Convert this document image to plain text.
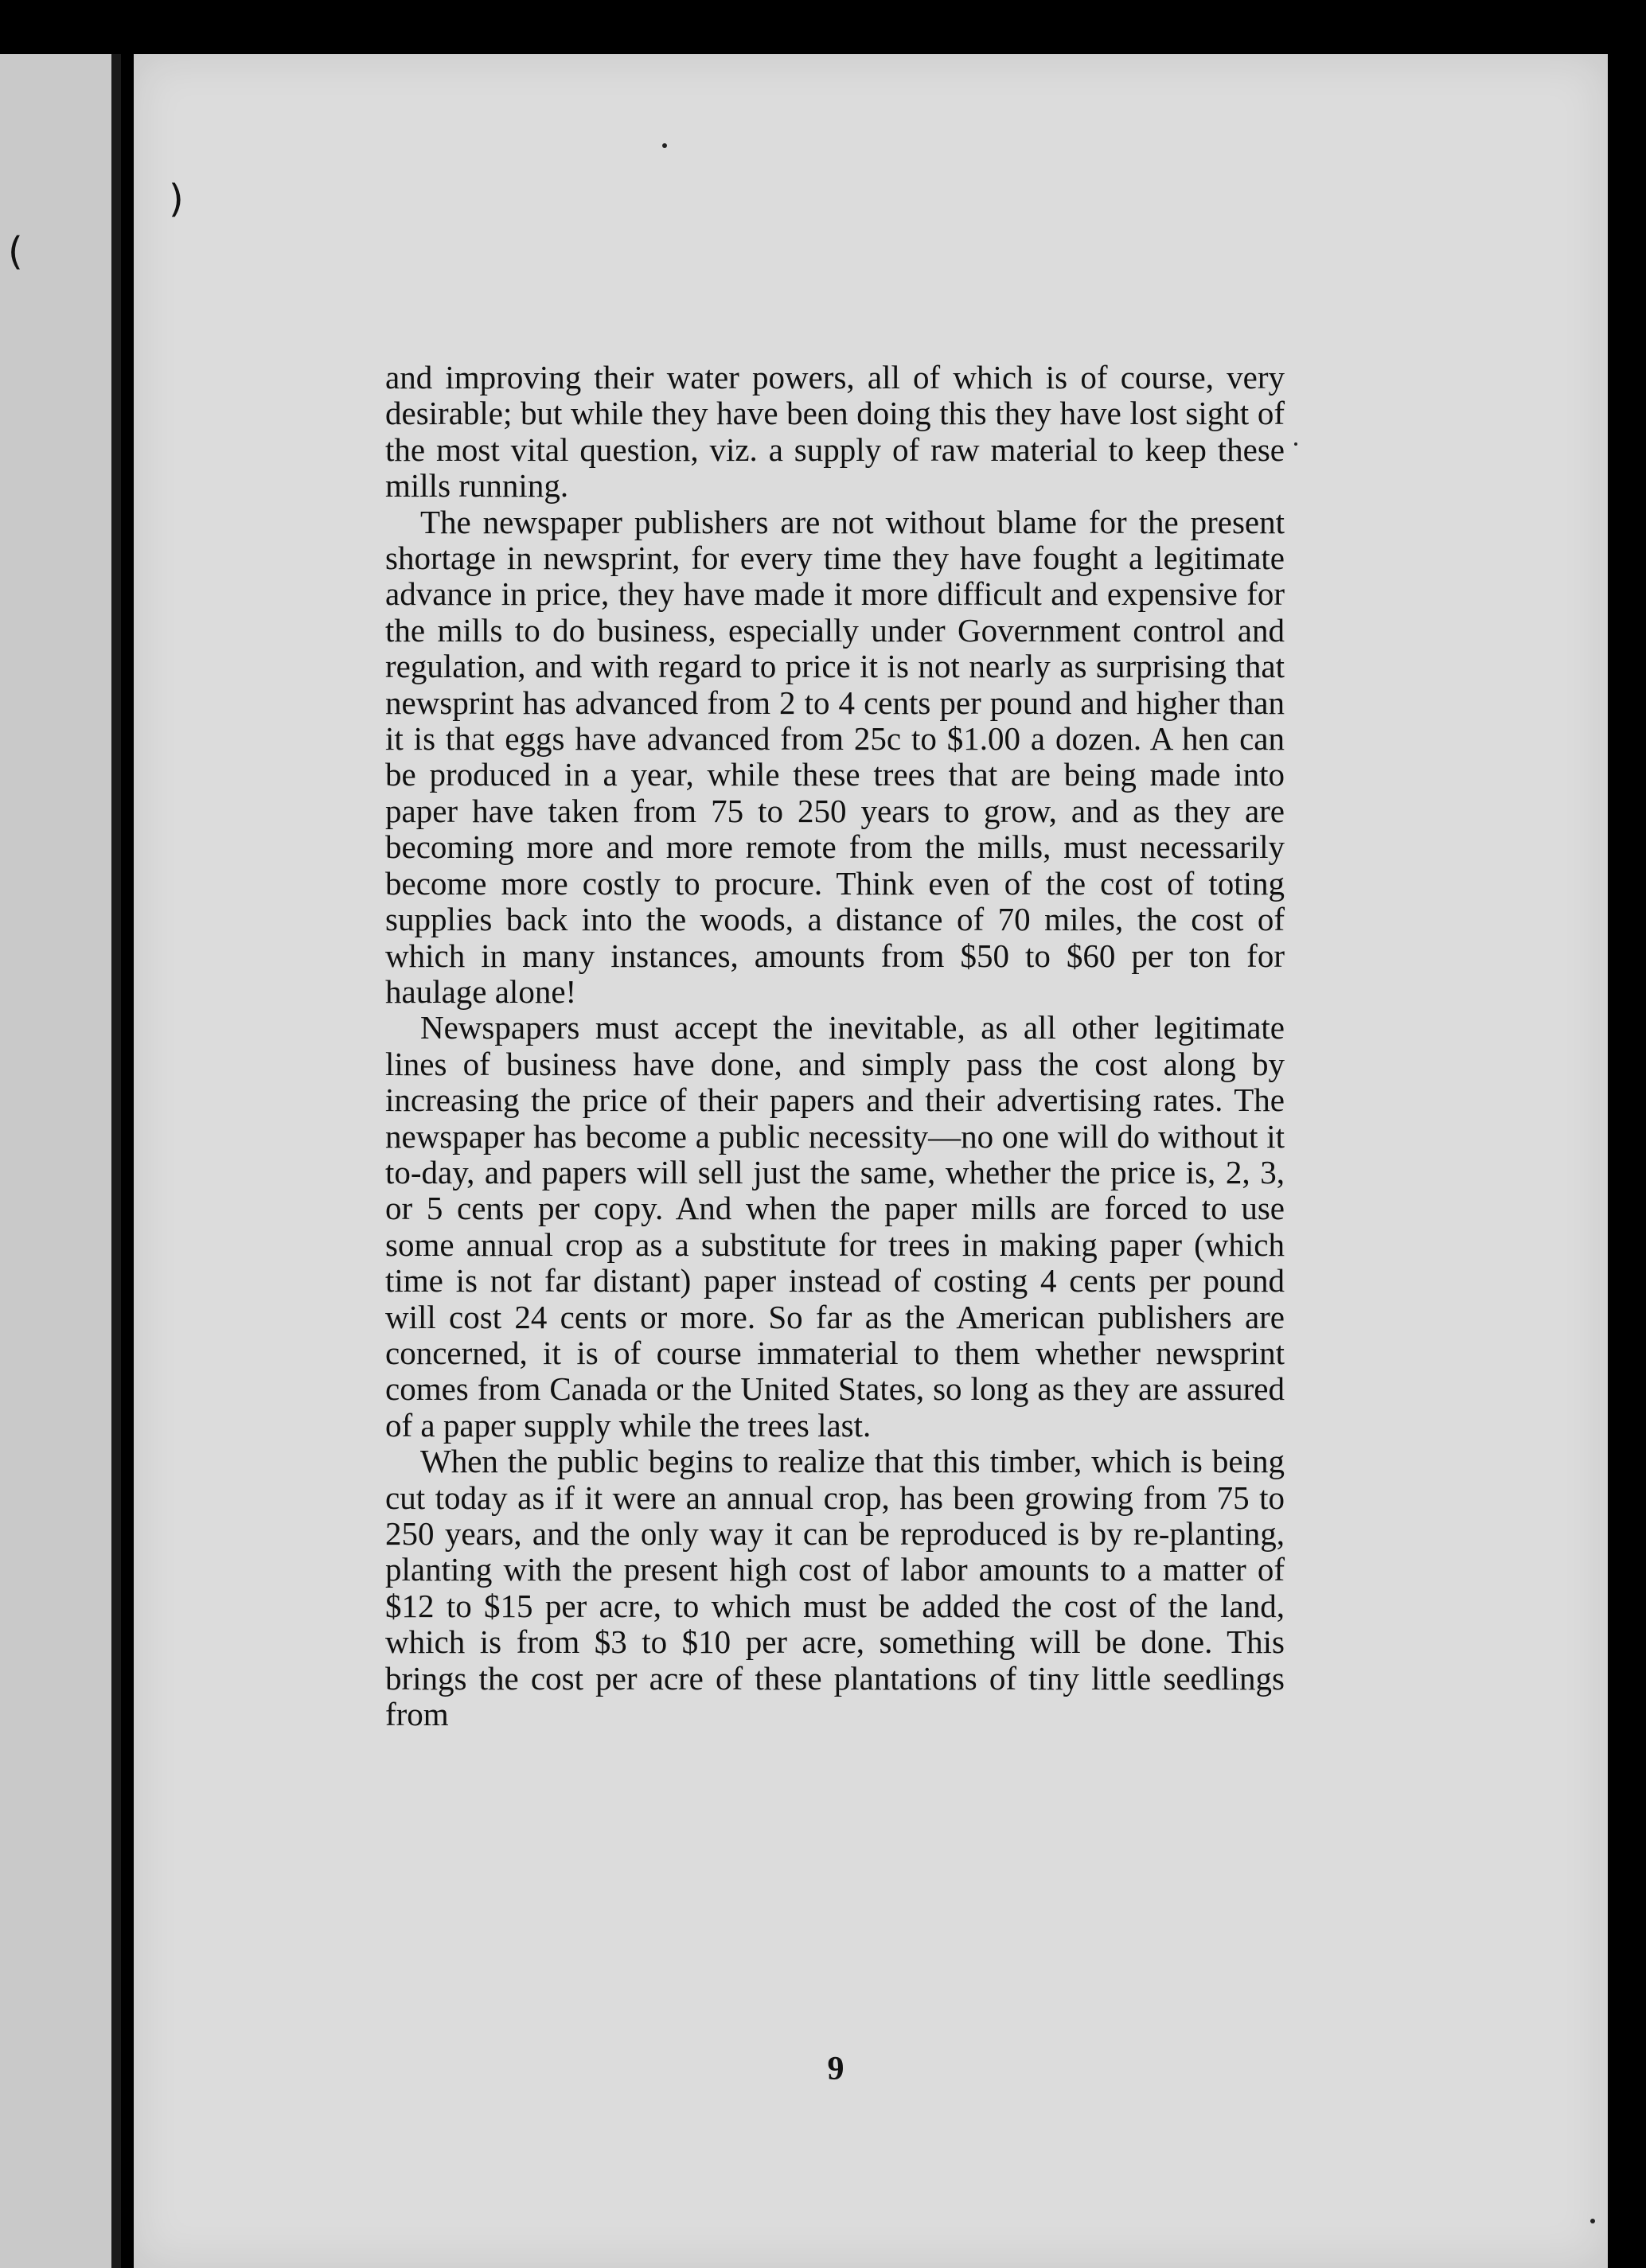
(
)

and improving their water powers, all of which is of course, very desirable; but while they have been doing this they have lost sight of the most vital question, viz. a supply of raw material to keep these mills running.

The newspaper publishers are not without blame for the present shortage in newsprint, for every time they have fought a legitimate advance in price, they have made it more difficult and expensive for the mills to do business, especially under Government control and regulation, and with regard to price it is not nearly as surprising that newsprint has advanced from 2 to 4 cents per pound and higher than it is that eggs have advanced from 25c to $1.00 a dozen. A hen can be produced in a year, while these trees that are being made into paper have taken from 75 to 250 years to grow, and as they are becoming more and more remote from the mills, must necessarily become more costly to procure. Think even of the cost of toting supplies back into the woods, a distance of 70 miles, the cost of which in many instances, amounts from $50 to $60 per ton for haulage alone!

Newspapers must accept the inevitable, as all other legitimate lines of business have done, and simply pass the cost along by increasing the price of their papers and their advertising rates. The newspaper has become a public necessity—no one will do without it to-day, and papers will sell just the same, whether the price is, 2, 3, or 5 cents per copy. And when the paper mills are forced to use some annual crop as a substitute for trees in making paper (which time is not far distant) paper instead of costing 4 cents per pound will cost 24 cents or more. So far as the American publishers are concerned, it is of course immaterial to them whether newsprint comes from Canada or the United States, so long as they are assured of a paper supply while the trees last.

When the public begins to realize that this timber, which is being cut today as if it were an annual crop, has been growing from 75 to 250 years, and the only way it can be reproduced is by re-planting, planting with the present high cost of labor amounts to a matter of $12 to $15 per acre, to which must be added the cost of the land, which is from $3 to $10 per acre, something will be done. This brings the cost per acre of these plantations of tiny little seedlings from

9
